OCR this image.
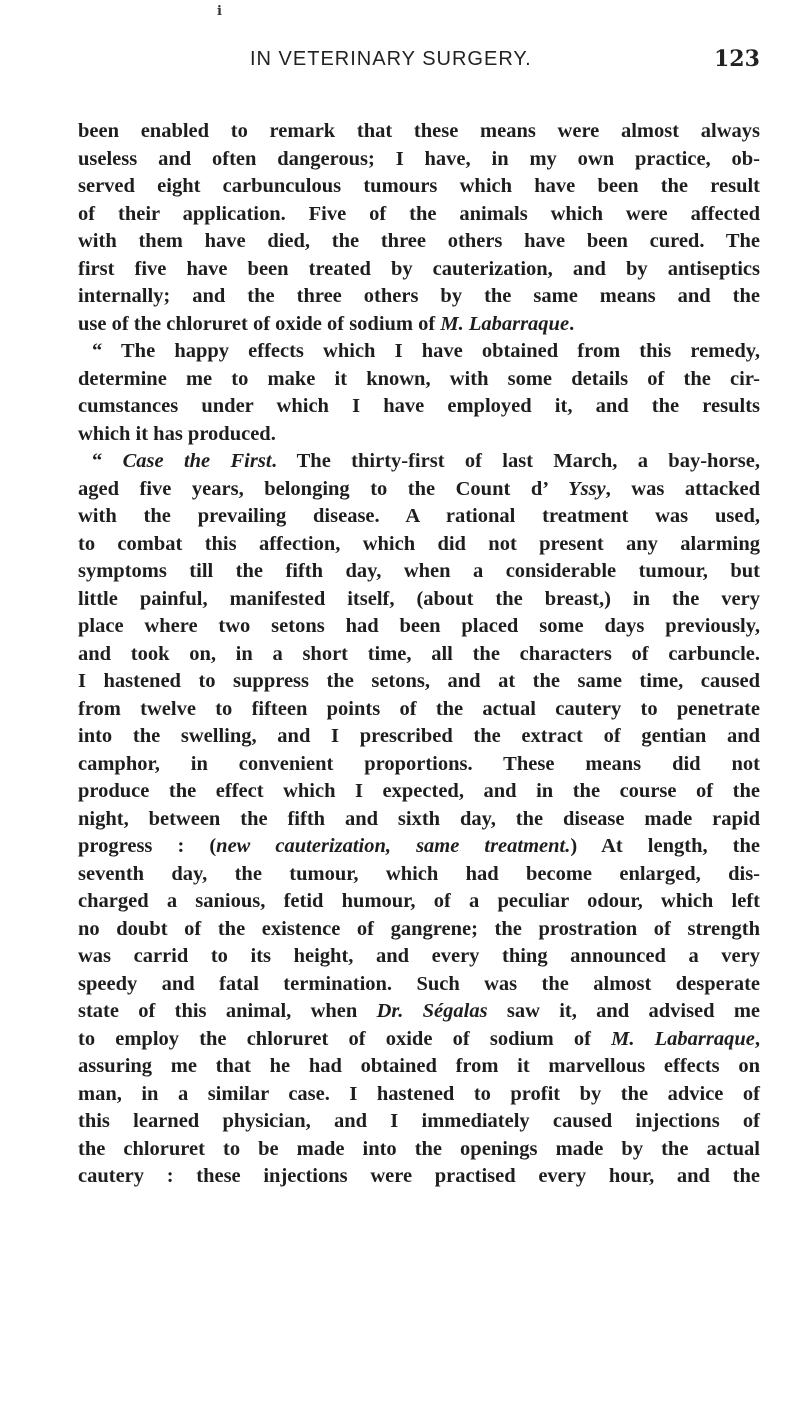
i
IN VETERINARY SURGERY.	123
been enabled to remark that these means were almost always
useless and often dangerous; I have, in my own practice, ob-
served eight carbunculous tumours which have been the result
of their application. Five of the animals which were affected
with them have died, the three others have been cured. The
first five have been treated by cauterization, and by antiseptics
internally; and the three others by the same means and the
use of the chloruret of oxide of sodium of M. Labarraque.
“ The happy effects which I have obtained from this remedy,
determine me to make it known, with some details of the cir-
cumstances under which I have employed it, and the results
which it has produced.
“ Case the First. The thirty-first of last March, a bay-horse,
aged five years, belonging to the Count d’ Yssy, was attacked
with the prevailing disease. A rational treatment was used,
to combat this affection, which did not present any alarming
symptoms till the fifth day, when a considerable tumour, but
little painful, manifested itself, (about the breast,) in the very
place where two setons had been placed some days previously,
and took on, in a short time, all the characters of carbuncle.
I hastened to suppress the setons, and at the same time, caused
from twelve to fifteen points of the actual cautery to penetrate
into the swelling, and I prescribed the extract of gentian and
camphor, in convenient proportions. These means did not
produce the effect which I expected, and in the course of the
night, between the fifth and sixth day, the disease made rapid
progress : (new cauterization, same treatment.) At length, the
seventh day, the tumour, which had become enlarged, dis-
charged a sanious, fetid humour, of a peculiar odour, which left
no doubt of the existence of gangrene; the prostration of strength
was carrid to its height, and every thing announced a very
speedy and fatal termination. Such was the almost desperate
state of this animal, when Dr. Ségalas saw it, and advised me
to employ the chloruret of oxide of sodium of M. Labarraque,
assuring me that he had obtained from it marvellous effects on
man, in a similar case. I hastened to profit by the advice of
this learned physician, and I immediately caused injections of
the chloruret to be made into the openings made by the actual
cautery : these injections were practised every hour, and the
